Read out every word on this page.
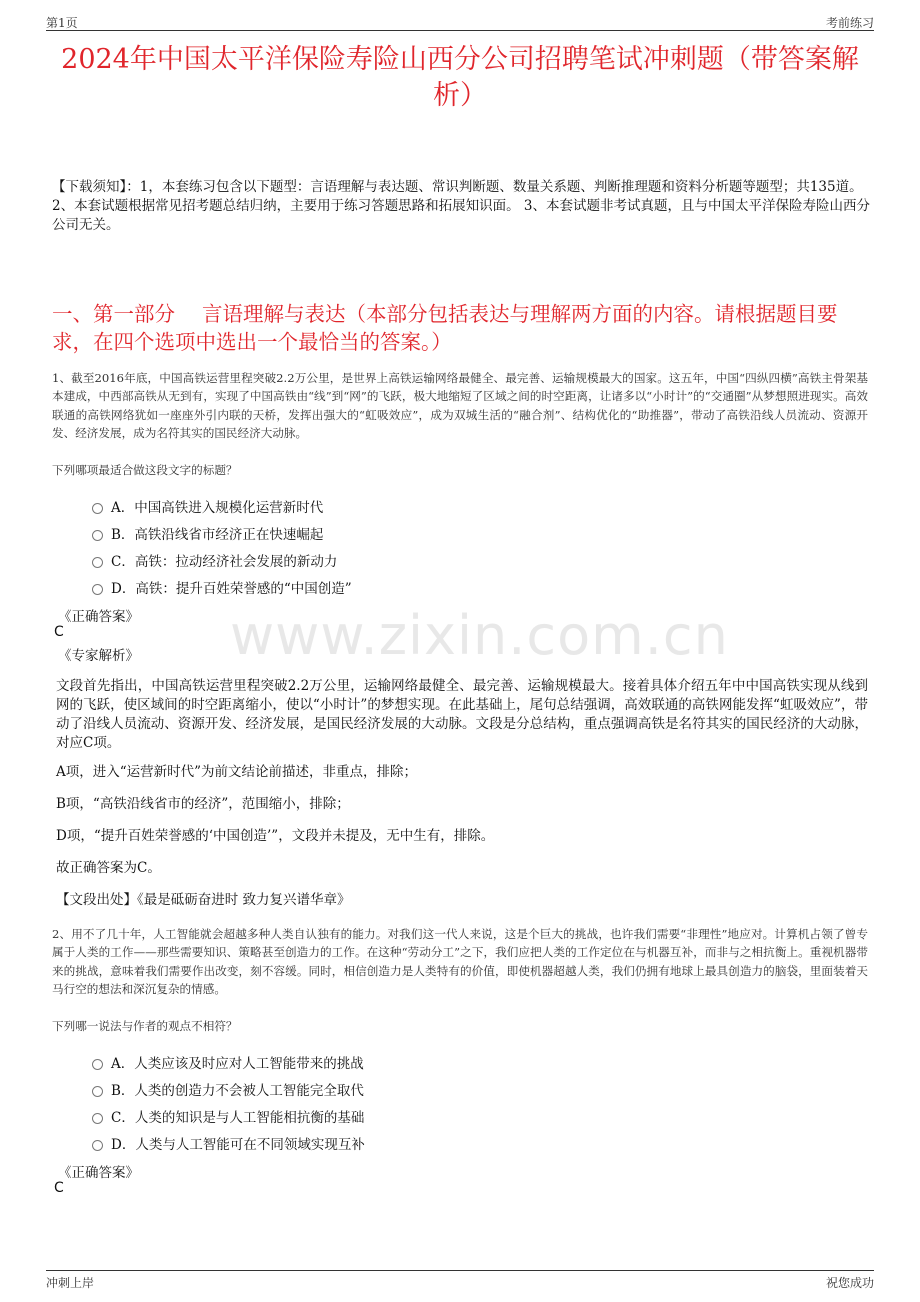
第1页	考前练习
www.zixin.com.cn
2024年中国太平洋保险寿险山西分公司招聘笔试冲刺题（带答案解析）
【下载须知】：1，本套练习包含以下题型：言语理解与表达题、常识判断题、数量关系题、判断推理题和资料分析题等题型；共135道。 2、本套试题根据常见招考题总结归纳，主要用于练习答题思路和拓展知识面。 3、本套试题非考试真题，且与中国太平洋保险寿险山西分公司无关。
一、第一部分　 言语理解与表达（本部分包括表达与理解两方面的内容。请根据题目要求，在四个选项中选出一个最恰当的答案。）
1、截至2016年底，中国高铁运营里程突破2.2万公里，是世界上高铁运输网络最健全、最完善、运输规模最大的国家。这五年，中国“四纵四横”高铁主骨架基本建成，中西部高铁从无到有，实现了中国高铁由“线”到“网”的飞跃，极大地缩短了区域之间的时空距离，让诸多以“小时计”的“交通圈”从梦想照进现实。高效联通的高铁网络犹如一座座外引内联的天桥，发挥出强大的“虹吸效应”，成为双城生活的“融合剂”、结构优化的“助推器”，带动了高铁沿线人员流动、资源开发、经济发展，成为名符其实的国民经济大动脉。
下列哪项最适合做这段文字的标题？
A．中国高铁进入规模化运营新时代
B．高铁沿线省市经济正在快速崛起
C．高铁：拉动经济社会发展的新动力
D．高铁：提升百姓荣誉感的“中国创造”
《正确答案》
C
《专家解析》
文段首先指出，中国高铁运营里程突破2.2万公里，运输网络最健全、最完善、运输规模最大。接着具体介绍五年中中国高铁实现从线到网的飞跃，使区域间的时空距离缩小，使以“小时计”的梦想实现。在此基础上，尾句总结强调，高效联通的高铁网能发挥“虹吸效应”，带动了沿线人员流动、资源开发、经济发展，是国民经济发展的大动脉。文段是分总结构，重点强调高铁是名符其实的国民经济的大动脉，对应C项。
A项，进入“运营新时代”为前文结论前描述，非重点，排除；
B项，“高铁沿线省市的经济”，范围缩小，排除；
D项，“提升百姓荣誉感的‘中国创造’”，文段并未提及，无中生有，排除。
故正确答案为C。
【文段出处】《最是砥砺奋进时 致力复兴谱华章》
2、用不了几十年，人工智能就会超越多种人类自认独有的能力。对我们这一代人来说，这是个巨大的挑战，也许我们需要“非理性”地应对。计算机占领了曾专属于人类的工作——那些需要知识、策略甚至创造力的工作。在这种“劳动分工”之下，我们应把人类的工作定位在与机器互补，而非与之相抗衡上。重视机器带来的挑战，意味着我们需要作出改变，刻不容缓。同时，相信创造力是人类特有的价值，即使机器超越人类，我们仍拥有地球上最具创造力的脑袋，里面装着天马行空的想法和深沉复杂的情感。
下列哪一说法与作者的观点不相符？
A．人类应该及时应对人工智能带来的挑战
B．人类的创造力不会被人工智能完全取代
C．人类的知识是与人工智能相抗衡的基础
D．人类与人工智能可在不同领域实现互补
《正确答案》
C
冲刺上岸	祝您成功
